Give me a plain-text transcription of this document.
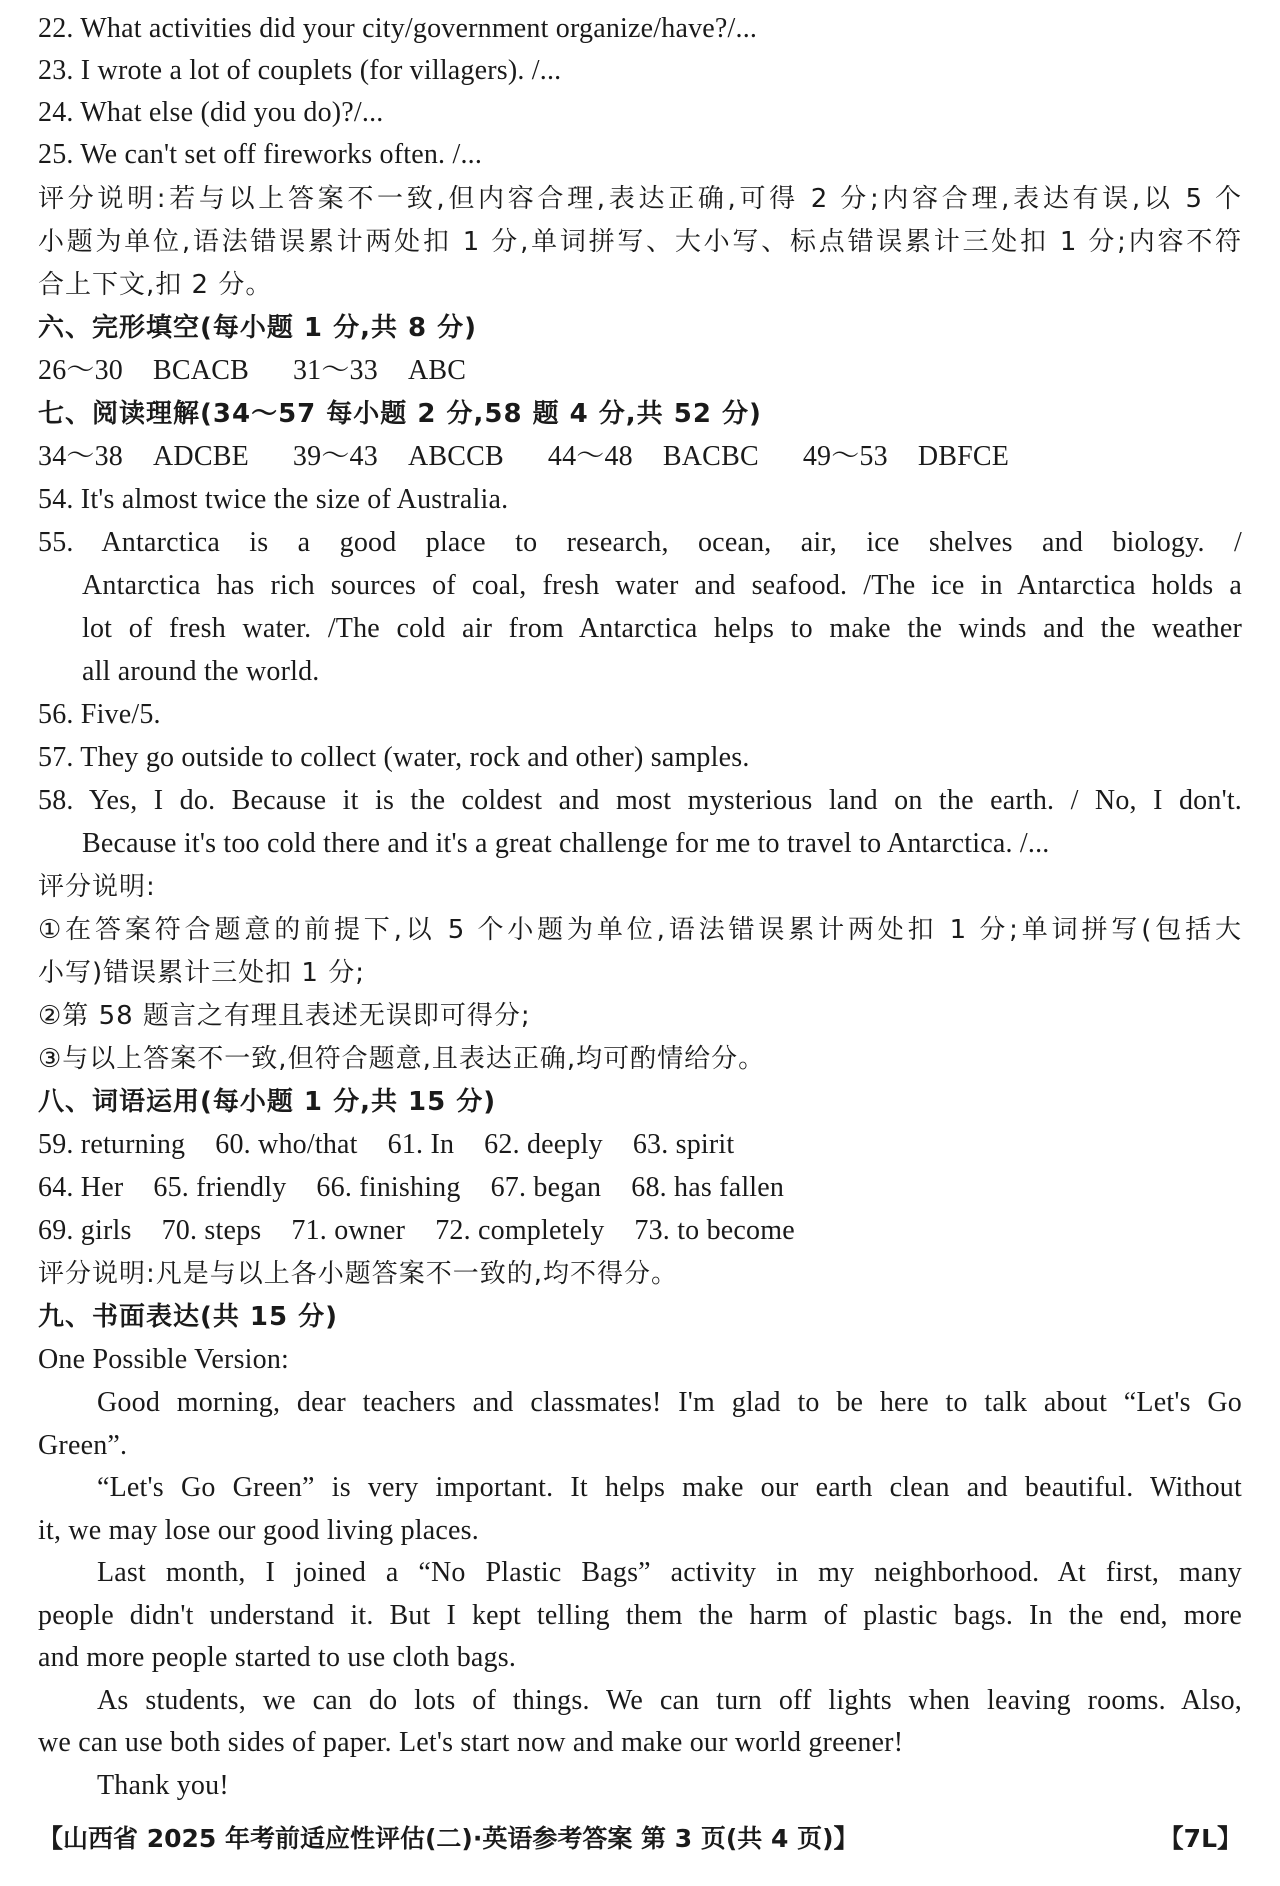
22. What activities did your city/government organize/have?/...
23. I wrote a lot of couplets (for villagers). /...
24. What else (did you do)?/...
25. We can't set off fireworks often. /...
评分说明:若与以上答案不一致,但内容合理,表达正确,可得 2 分;内容合理,表达有误,以 5 个
小题为单位,语法错误累计两处扣 1 分,单词拼写、大小写、标点错误累计三处扣 1 分;内容不符
合上下文,扣 2 分。
六、完形填空(每小题 1 分,共 8 分)
26～30 BCACB 31～33 ABC
七、阅读理解(34～57 每小题 2 分,58 题 4 分,共 52 分)
34～38 ADCBE 39～43 ABCCB 44～48 BACBC 49～53 DBFCE
54. It's almost twice the size of Australia.
55. Antarctica is a good place to research, ocean, air, ice shelves and biology. /
Antarctica has rich sources of coal, fresh water and seafood. /The ice in Antarctica holds a
lot of fresh water. /The cold air from Antarctica helps to make the winds and the weather
all around the world.
56. Five/5.
57. They go outside to collect (water, rock and other) samples.
58. Yes, I do. Because it is the coldest and most mysterious land on the earth. / No, I don't.
Because it's too cold there and it's a great challenge for me to travel to Antarctica. /...
评分说明:
①在答案符合题意的前提下,以 5 个小题为单位,语法错误累计两处扣 1 分;单词拼写(包括大
小写)错误累计三处扣 1 分;
②第 58 题言之有理且表述无误即可得分;
③与以上答案不一致,但符合题意,且表达正确,均可酌情给分。
八、词语运用(每小题 1 分,共 15 分)
59. returning 60. who/that 61. In 62. deeply 63. spirit
64. Her 65. friendly 66. finishing 67. began 68. has fallen
69. girls 70. steps 71. owner 72. completely 73. to become
评分说明:凡是与以上各小题答案不一致的,均不得分。
九、书面表达(共 15 分)
One Possible Version:
Good morning, dear teachers and classmates! I'm glad to be here to talk about “Let's Go
Green”.
“Let's Go Green” is very important. It helps make our earth clean and beautiful. Without
it, we may lose our good living places.
Last month, I joined a “No Plastic Bags” activity in my neighborhood. At first, many
people didn't understand it. But I kept telling them the harm of plastic bags. In the end, more
and more people started to use cloth bags.
As students, we can do lots of things. We can turn off lights when leaving rooms. Also,
we can use both sides of paper. Let's start now and make our world greener!
Thank you!
【山西省 2025 年考前适应性评估(二)·英语参考答案 第 3 页(共 4 页)】	【7L】
